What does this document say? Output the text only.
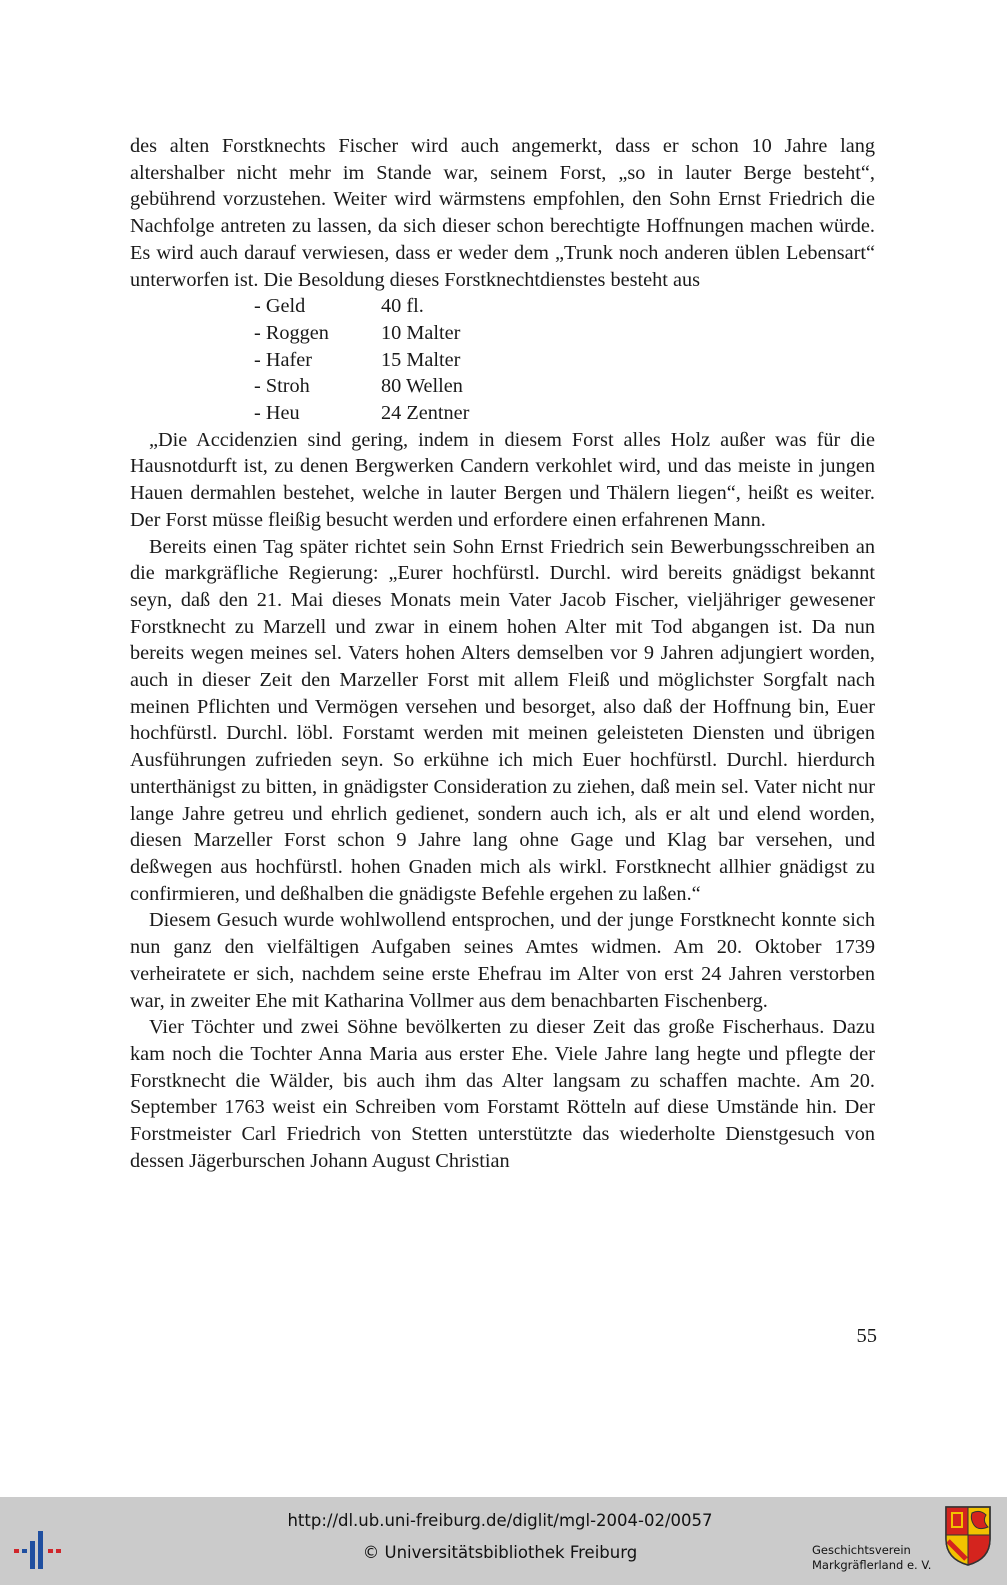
des alten Forstknechts Fischer wird auch angemerkt, dass er schon 10 Jahre lang altershalber nicht mehr im Stande war, seinem Forst, „so in lauter Berge besteht“, gebührend vorzustehen. Weiter wird wärmstens empfohlen, den Sohn Ernst Friedrich die Nachfolge antreten zu lassen, da sich dieser schon berechtigte Hoffnungen machen würde. Es wird auch darauf verwiesen, dass er weder dem „Trunk noch anderen üblen Lebensart“ unterworfen ist. Die Besoldung dieses Forstknechtdienstes besteht aus

- Geld	40 fl.
- Roggen	10 Malter
- Hafer	15 Malter
- Stroh	80 Wellen
- Heu	24 Zentner

„Die Accidenzien sind gering, indem in diesem Forst alles Holz außer was für die Hausnotdurft ist, zu denen Bergwerken Candern verkohlet wird, und das meiste in jungen Hauen dermahlen bestehet, welche in lauter Bergen und Thälern liegen“, heißt es weiter. Der Forst müsse fleißig besucht werden und erfordere einen erfahrenen Mann.

Bereits einen Tag später richtet sein Sohn Ernst Friedrich sein Bewerbungsschreiben an die markgräfliche Regierung: „Eurer hochfürstl. Durchl. wird bereits gnädigst bekannt seyn, daß den 21. Mai dieses Monats mein Vater Jacob Fischer, vieljähriger gewesener Forstknecht zu Marzell und zwar in einem hohen Alter mit Tod abgangen ist. Da nun bereits wegen meines sel. Vaters hohen Alters demselben vor 9 Jahren adjungiert worden, auch in dieser Zeit den Marzeller Forst mit allem Fleiß und möglichster Sorgfalt nach meinen Pflichten und Vermögen versehen und besorget, also daß der Hoffnung bin, Euer hochfürstl. Durchl. löbl. Forstamt werden mit meinen geleisteten Diensten und übrigen Ausführungen zufrieden seyn. So erkühne ich mich Euer hochfürstl. Durchl. hierdurch unterthänigst zu bitten, in gnädigster Consideration zu ziehen, daß mein sel. Vater nicht nur lange Jahre getreu und ehrlich gedienet, sondern auch ich, als er alt und elend worden, diesen Marzeller Forst schon 9 Jahre lang ohne Gage und Klag bar versehen, und deßwegen aus hochfürstl. hohen Gnaden mich als wirkl. Forstknecht allhier gnädigst zu confirmieren, und deßhalben die gnädigste Befehle ergehen zu laßen.“

Diesem Gesuch wurde wohlwollend entsprochen, und der junge Forstknecht konnte sich nun ganz den vielfältigen Aufgaben seines Amtes widmen. Am 20. Oktober 1739 verheiratete er sich, nachdem seine erste Ehefrau im Alter von erst 24 Jahren verstorben war, in zweiter Ehe mit Katharina Vollmer aus dem benachbarten Fischenberg.

Vier Töchter und zwei Söhne bevölkerten zu dieser Zeit das große Fischerhaus. Dazu kam noch die Tochter Anna Maria aus erster Ehe. Viele Jahre lang hegte und pflegte der Forstknecht die Wälder, bis auch ihm das Alter langsam zu schaffen machte. Am 20. September 1763 weist ein Schreiben vom Forstamt Rötteln auf diese Umstände hin. Der Forstmeister Carl Friedrich von Stetten unterstützte das wiederholte Dienstgesuch von dessen Jägerburschen Johann August Christian

55
http://dl.ub.uni-freiburg.de/diglit/mgl-2004-02/0057
© Universitätsbibliothek Freiburg	Geschichtsverein
Markgräflerland e. V.
